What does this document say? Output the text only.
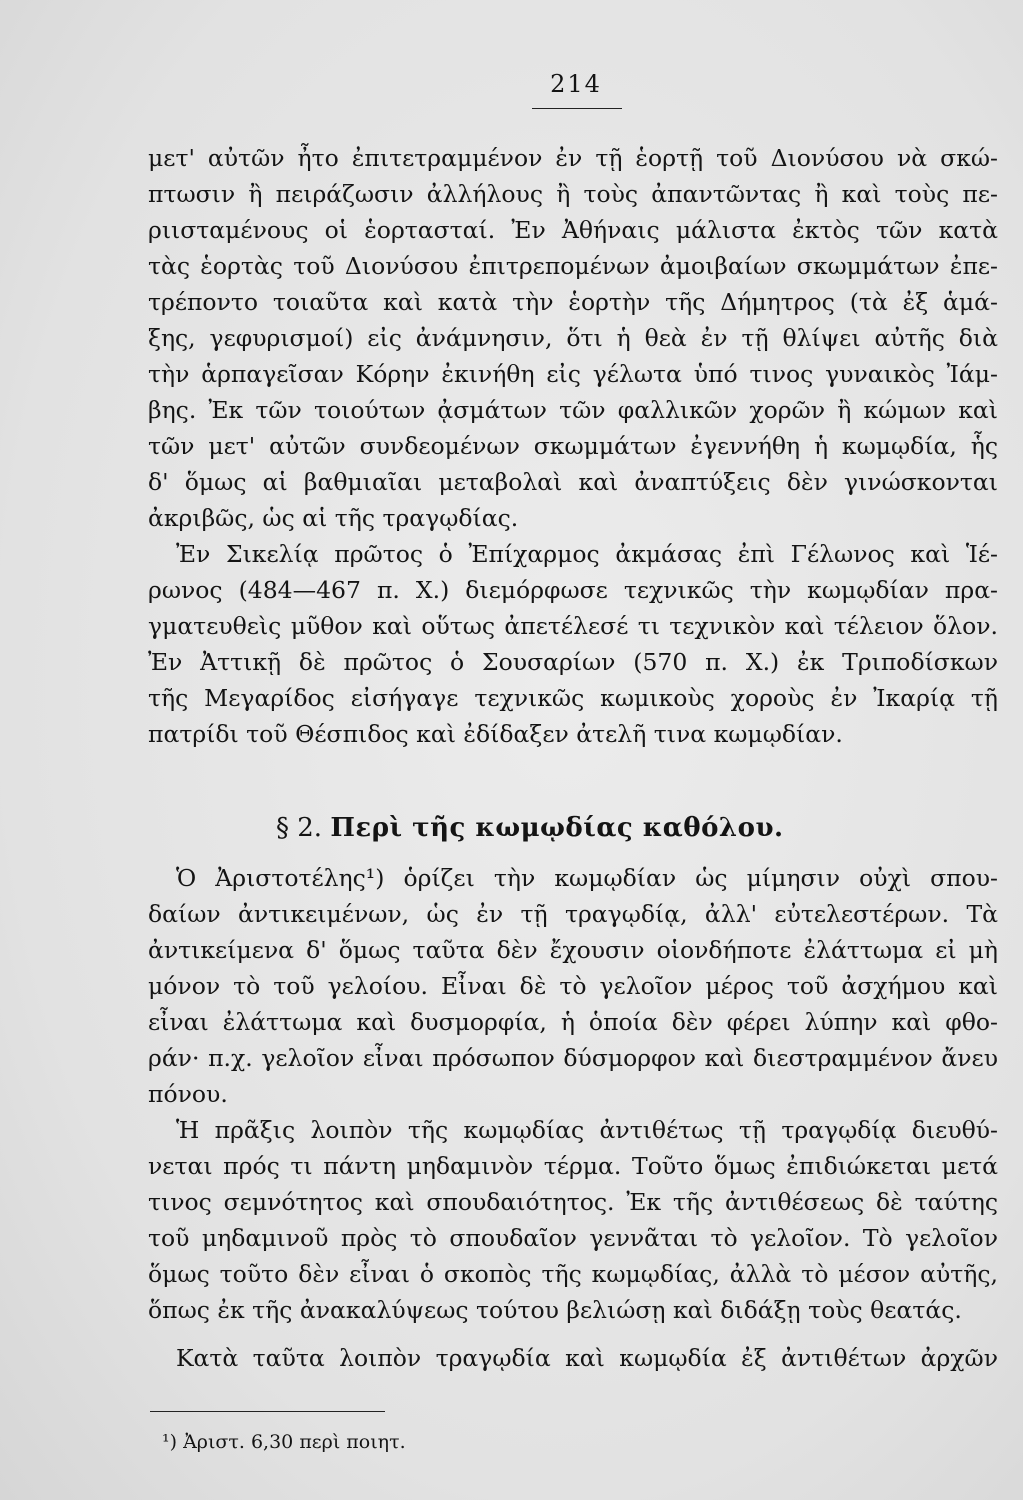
214
μετ' αὐτῶν ἦτο ἐπιτετραμμένον ἐν τῇ ἑορτῇ τοῦ Διονύσου νὰ σκώ-
πτωσιν ἢ πειράζωσιν ἀλλήλους ἢ τοὺς ἀπαντῶντας ἢ καὶ τοὺς πε-
ριισταμένους οἱ ἑορτασταί. Ἐν Ἀθήναις μάλιστα ἐκτὸς τῶν κατὰ
τὰς ἑορτὰς τοῦ Διονύσου ἐπιτρεπομένων ἀμοιβαίων σκωμμάτων ἐπε-
τρέποντο τοιαῦτα καὶ κατὰ τὴν ἑορτὴν τῆς Δήμητρος (τὰ ἐξ ἁμά-
ξης, γεφυρισμοί) εἰς ἀνάμνησιν, ὅτι ἡ θεὰ ἐν τῇ θλίψει αὐτῆς διὰ
τὴν ἁρπαγεῖσαν Κόρην ἐκινήθη εἰς γέλωτα ὑπό τινος γυναικὸς Ἰάμ-
βης. Ἐκ τῶν τοιούτων ᾀσμάτων τῶν φαλλικῶν χορῶν ἢ κώμων καὶ
τῶν μετ' αὐτῶν συνδεομένων σκωμμάτων ἐγεννήθη ἡ κωμῳδία, ἧς
δ' ὅμως αἱ βαθμιαῖαι μεταβολαὶ καὶ ἀναπτύξεις δὲν γινώσκονται
ἀκριβῶς, ὡς αἱ τῆς τραγῳδίας.
Ἐν Σικελίᾳ πρῶτος ὁ Ἐπίχαρμος ἀκμάσας ἐπὶ Γέλωνος καὶ Ἱέ-
ρωνος (484—467 π. Χ.) διεμόρφωσε τεχνικῶς τὴν κωμῳδίαν πρα-
γματευθεὶς μῦθον καὶ οὕτως ἀπετέλεσέ τι τεχνικὸν καὶ τέλειον ὅλον.
Ἐν Ἀττικῇ δὲ πρῶτος ὁ Σουσαρίων (570 π. Χ.) ἐκ Τριποδίσκων
τῆς Μεγαρίδος εἰσήγαγε τεχνικῶς κωμικοὺς χοροὺς ἐν Ἰκαρίᾳ τῇ
πατρίδι τοῦ Θέσπιδος καὶ ἐδίδαξεν ἀτελῆ τινα κωμῳδίαν.
§ 2. Περὶ τῆς κωμῳδίας καθόλου.
Ὁ Ἀριστοτέλης¹) ὁρίζει τὴν κωμῳδίαν ὡς μίμησιν οὐχὶ σπου-
δαίων ἀντικειμένων, ὡς ἐν τῇ τραγῳδίᾳ, ἀλλ' εὐτελεστέρων. Τὰ
ἀντικείμενα δ' ὅμως ταῦτα δὲν ἔχουσιν οἱονδήποτε ἐλάττωμα εἰ μὴ
μόνον τὸ τοῦ γελοίου. Εἶναι δὲ τὸ γελοῖον μέρος τοῦ ἀσχήμου καὶ
εἶναι ἐλάττωμα καὶ δυσμορφία, ἡ ὁποία δὲν φέρει λύπην καὶ φθο-
ράν· π.χ. γελοῖον εἶναι πρόσωπον δύσμορφον καὶ διεστραμμένον ἄνευ
πόνου.
Ἡ πρᾶξις λοιπὸν τῆς κωμῳδίας ἀντιθέτως τῇ τραγῳδίᾳ διευθύ-
νεται πρός τι πάντη μηδαμινὸν τέρμα. Τοῦτο ὅμως ἐπιδιώκεται μετά
τινος σεμνότητος καὶ σπουδαιότητος. Ἐκ τῆς ἀντιθέσεως δὲ ταύτης
τοῦ μηδαμινοῦ πρὸς τὸ σπουδαῖον γεννᾶται τὸ γελοῖον. Τὸ γελοῖον
ὅμως τοῦτο δὲν εἶναι ὁ σκοπὸς τῆς κωμῳδίας, ἀλλὰ τὸ μέσον αὐτῆς,
ὅπως ἐκ τῆς ἀνακαλύψεως τούτου βελιώσῃ καὶ διδάξῃ τοὺς θεατάς.
Κατὰ ταῦτα λοιπὸν τραγῳδία καὶ κωμῳδία ἐξ ἀντιθέτων ἀρχῶν
¹) Ἀριστ. 6,30 περὶ ποιητ.
